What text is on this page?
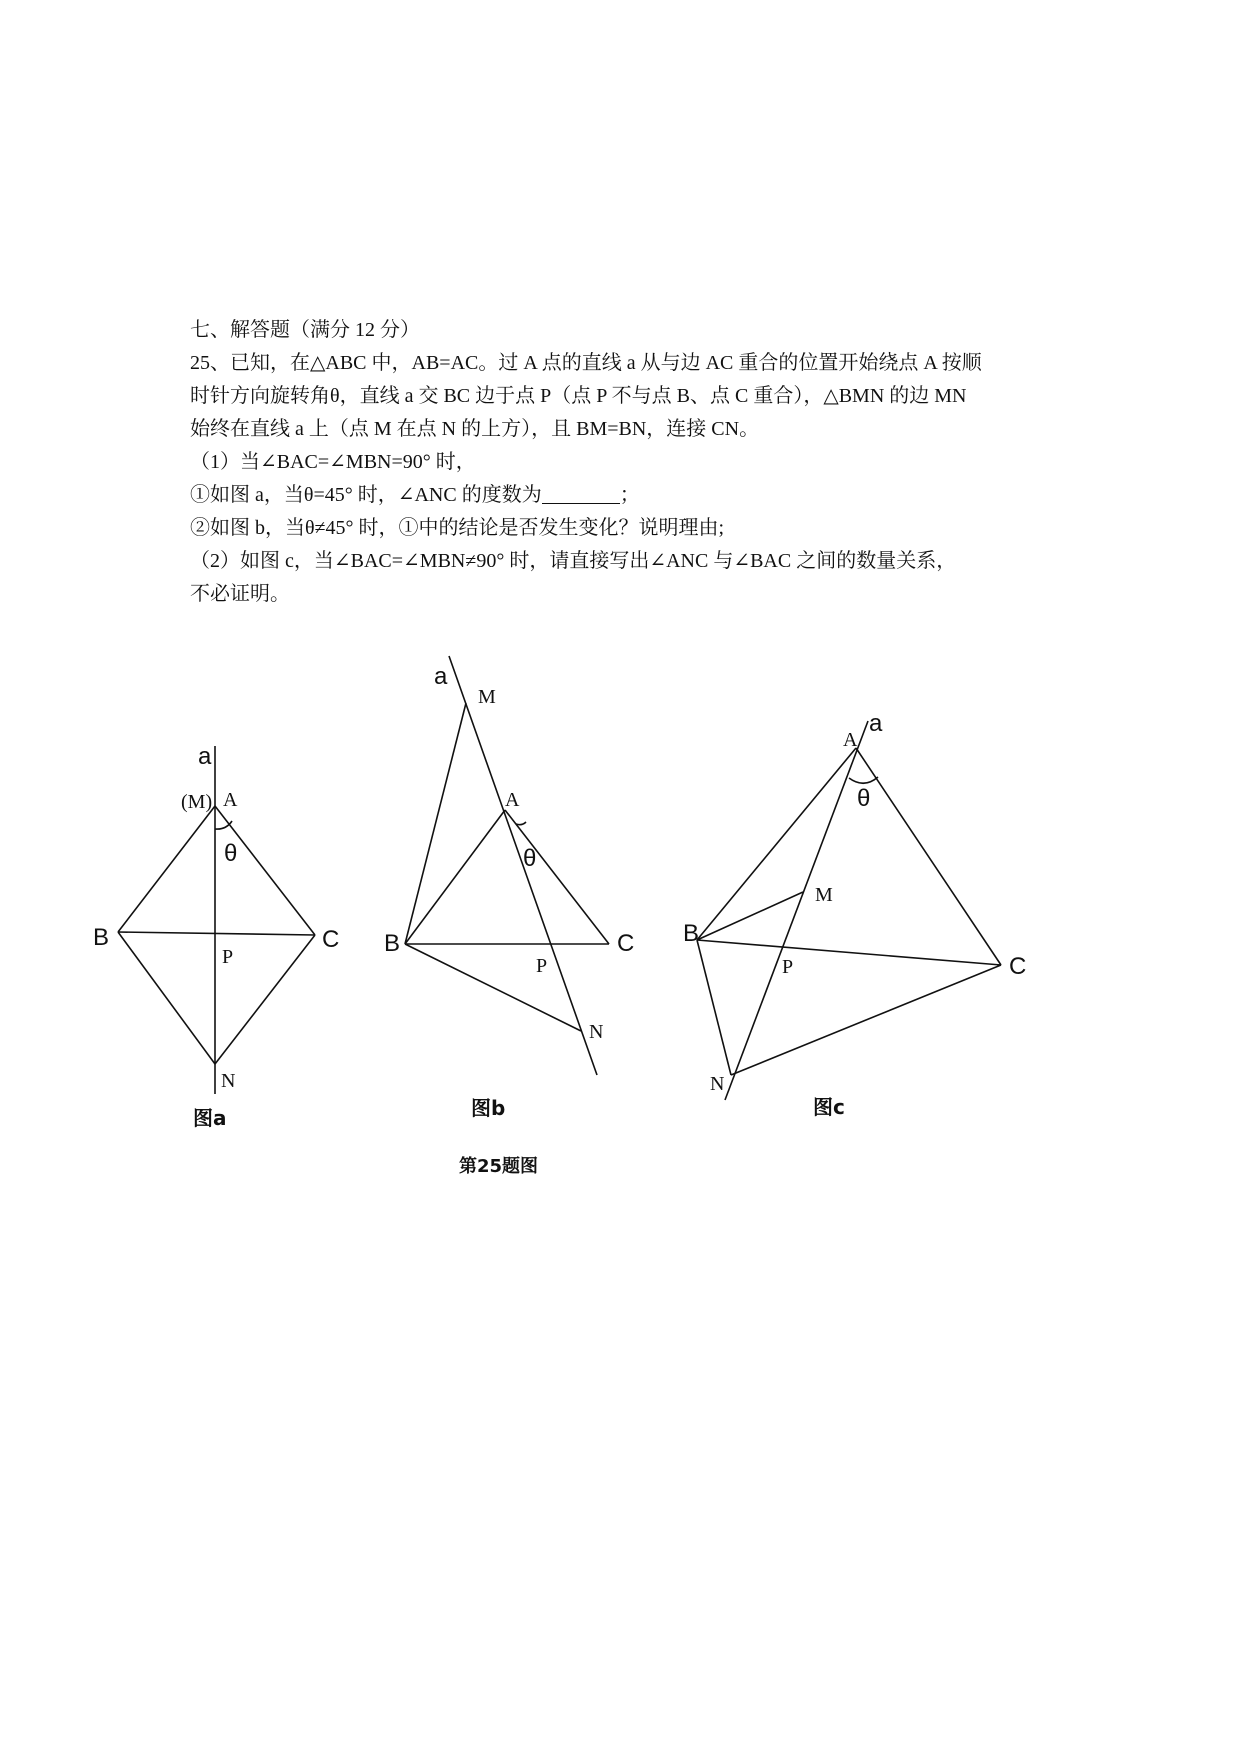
七、解答题（满分 12 分）

25、已知，在△ABC 中，AB=AC。过 A 点的直线 a 从与边 AC 重合的位置开始绕点 A 按顺

时针方向旋转角θ，直线 a 交 BC 边于点 P（点 P 不与点 B、点 C 重合），△BMN 的边 MN

始终在直线 a 上（点 M 在点 N 的上方），且 BM=BN，连接 CN。

（1）当∠BAC=∠MBN=90° 时，

①如图 a，当θ=45° 时，∠ANC 的度数为	；

②如图 b，当θ≠45° 时，①中的结论是否发生变化？说明理由;

（2）如图 c，当∠BAC=∠MBN≠90° 时，请直接写出∠ANC 与∠BAC 之间的数量关系，

不必证明。

a
(M) A
θ
B	C
P
N
图a
a
M
A
θ
B	C
P
N
图b
a
A
θ
M
B
C
P
N
图c
第25题图
